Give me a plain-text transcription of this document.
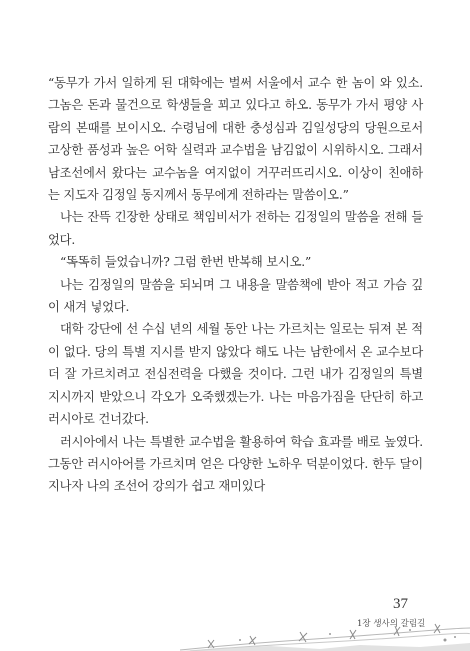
“동무가 가서 일하게 된 대학에는 벌써 서울에서 교수 한 놈이 와 있소. 그놈은 돈과 물건으로 학생들을 꾀고 있다고 하오. 동무가 가서 평양 사람의 본때를 보이시오. 수령님에 대한 충성심과 김일성당의 당원으로서 고상한 품성과 높은 어학 실력과 교수법을 남김없이 시위하시오. 그래서 남조선에서 왔다는 교수놈을 여지없이 거꾸러뜨리시오. 이상이 친애하는 지도자 김정일 동지께서 동무에게 전하라는 말씀이오.”

나는 잔뜩 긴장한 상태로 책임비서가 전하는 김정일의 말씀을 전해 들었다.

“똑똑히 들었습니까? 그럼 한번 반복해 보시오.”

나는 김정일의 말씀을 되뇌며 그 내용을 말씀책에 받아 적고 가슴 깊이 새겨 넣었다.

대학 강단에 선 수십 년의 세월 동안 나는 가르치는 일로는 뒤져 본 적이 없다. 당의 특별 지시를 받지 않았다 해도 나는 남한에서 온 교수보다 더 잘 가르치려고 전심전력을 다했을 것이다. 그런 내가 김정일의 특별 지시까지 받았으니 각오가 오죽했겠는가. 나는 마음가짐을 단단히 하고 러시아로 건너갔다.

러시아에서 나는 특별한 교수법을 활용하여 학습 효과를 배로 높였다. 그동안 러시아어를 가르치며 얻은 다양한 노하우 덕분이었다. 한두 달이 지나자 나의 조선어 강의가 쉽고 재미있다

37
1장 생사의 갈림길
